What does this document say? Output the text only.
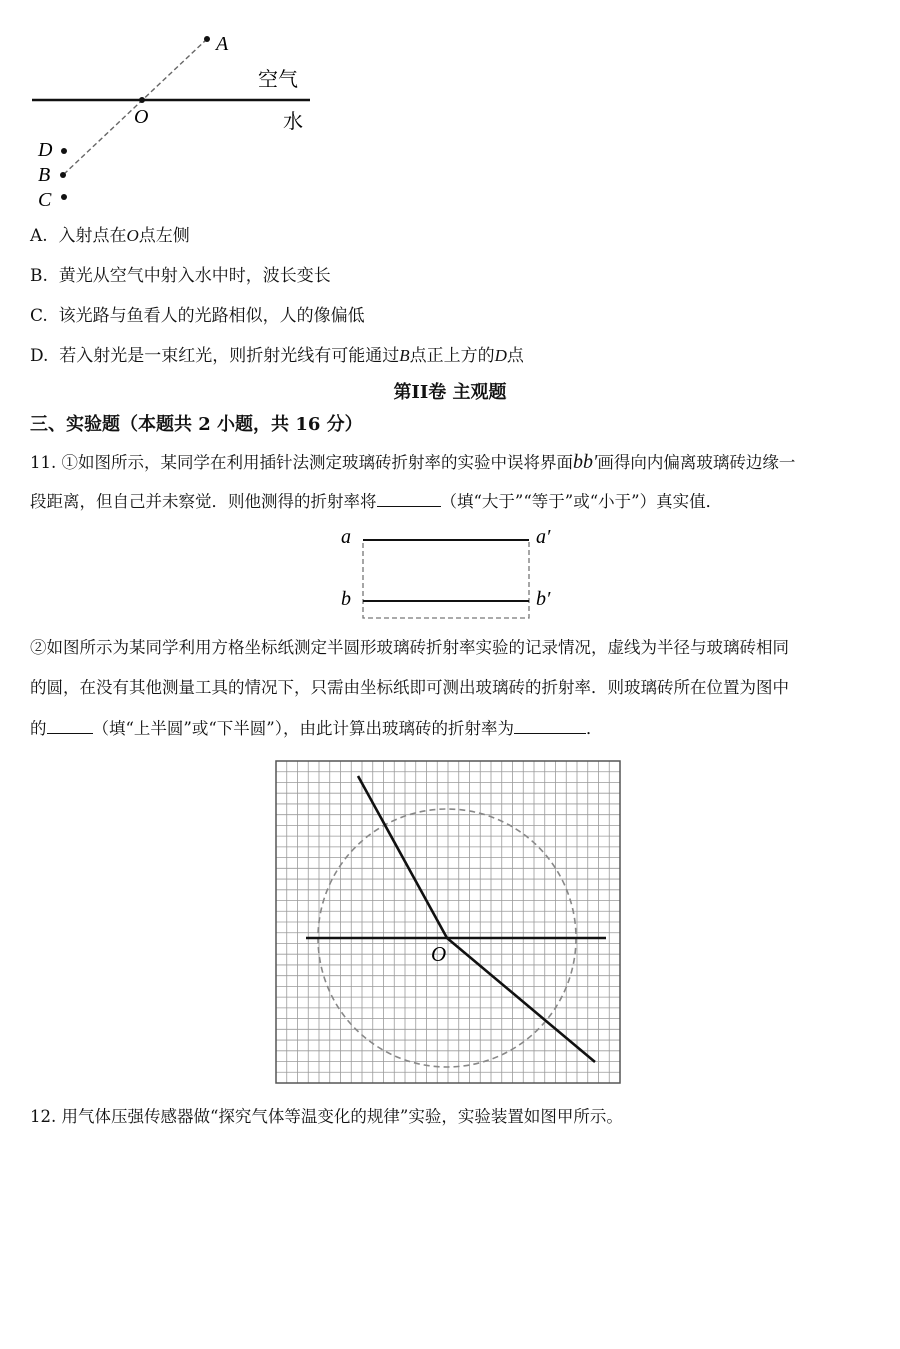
A
O
D
B
C
空气
水
A. 入射点在O点左侧
B. 黄光从空气中射入水中时，波长变长
C. 该光路与鱼看人的光路相似，人的像偏低
D. 若入射光是一束红光，则折射光线有可能通过B点正上方的D点
第II卷 主观题
三、实验题（本题共 2 小题，共 16 分）
11. ①如图所示，某同学在利用插针法测定玻璃砖折射率的实验中误将界面bb′画得向内偏离玻璃砖边缘一
段距离，但自己并未察觉．则他测得的折射率将	（填“大于”“等于”或“小于”）真实值．
a	a′
b	b′
②如图所示为某同学利用方格坐标纸测定半圆形玻璃砖折射率实验的记录情况，虚线为半径与玻璃砖相同
的圆，在没有其他测量工具的情况下，只需由坐标纸即可测出玻璃砖的折射率．则玻璃砖所在位置为图中
的	（填“上半圆”或“下半圆”），由此计算出玻璃砖的折射率为	．
O
12. 用气体压强传感器做“探究气体等温变化的规律”实验，实验装置如图甲所示。
